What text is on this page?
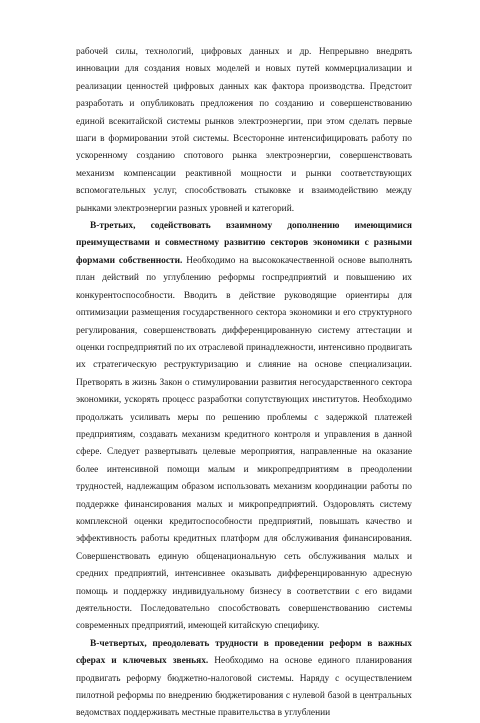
рабочей силы, технологий, цифровых данных и др. Непрерывно внедрять инновации для создания новых моделей и новых путей коммерциализации и реализации ценностей цифровых данных как фактора производства. Предстоит разработать и опубликовать предложения по созданию и совершенствованию единой всекитайской системы рынков электроэнергии, при этом сделать первые шаги в формировании этой системы. Всесторонне интенсифицировать работу по ускоренному созданию спотового рынка электроэнергии, совершенствовать механизм компенсации реактивной мощности и рынки соответствующих вспомогательных услуг, способствовать стыковке и взаимодействию между рынками электроэнергии разных уровней и категорий.

В-третьих, содействовать взаимному дополнению имеющимися преимуществами и совместному развитию секторов экономики с разными формами собственности. Необходимо на высококачественной основе выполнять план действий по углублению реформы госпредприятий и повышению их конкурентоспособности. Вводить в действие руководящие ориентиры для оптимизации размещения государственного сектора экономики и его структурного регулирования, совершенствовать дифференцированную систему аттестации и оценки госпредприятий по их отраслевой принадлежности, интенсивно продвигать их стратегическую реструктуризацию и слияние на основе специализации. Претворять в жизнь Закон о стимулировании развития негосударственного сектора экономики, ускорять процесс разработки сопутствующих институтов. Необходимо продолжать усиливать меры по решению проблемы с задержкой платежей предприятиям, создавать механизм кредитного контроля и управления в данной сфере. Следует развертывать целевые мероприятия, направленные на оказание более интенсивной помощи малым и микропредприятиям в преодолении трудностей, надлежащим образом использовать механизм координации работы по поддержке финансирования малых и микропредприятий. Оздоровлять систему комплексной оценки кредитоспособности предприятий, повышать качество и эффективность работы кредитных платформ для обслуживания финансирования. Совершенствовать единую общенациональную сеть обслуживания малых и средних предприятий, интенсивнее оказывать дифференцированную адресную помощь и поддержку индивидуальному бизнесу в соответствии с его видами деятельности. Последовательно способствовать совершенствованию системы современных предприятий, имеющей китайскую специфику.

В-четвертых, преодолевать трудности в проведении реформ в важных сферах и ключевых звеньях. Необходимо на основе единого планирования продвигать реформу бюджетно-налоговой системы. Наряду с осуществлением пилотной реформы по внедрению бюджетирования с нулевой базой в центральных ведомствах поддерживать местные правительства в углублении
